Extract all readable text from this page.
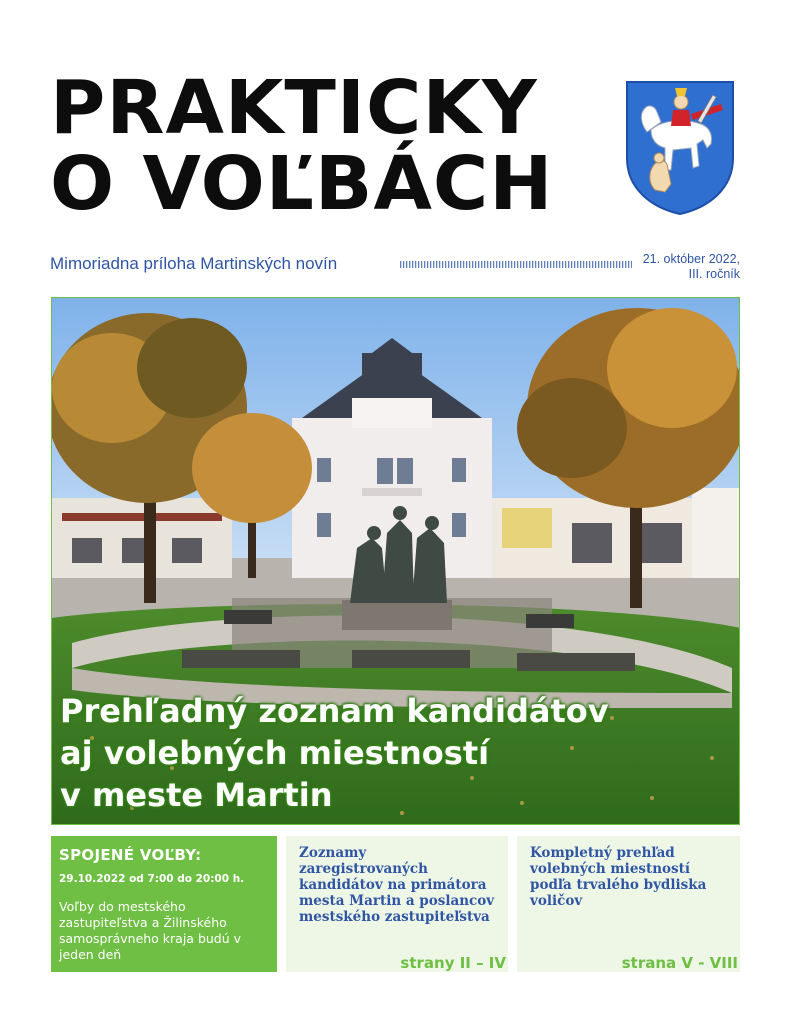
PRAKTICKY
O VOĽBÁCH
Mimoriadna príloha Martinských novín	21. október 2022,
III. ročník
Prehľadný zoznam kandidátov
aj volebných miestností
v meste Martin
SPOJENÉ VOĽBY:
29.10.2022 od 7:00 do 20:00 h.
Voľby do mestského zastupiteľstva a Žilinského samosprávneho kraja budú v jeden deň
Zoznamy zaregistrovaných kandidátov na primátora mesta Martin a poslancov mestského zastupiteľstva
strany II – IV
Kompletný prehľad volebných miestností podľa trvalého bydliska voličov
strana V - VIII
